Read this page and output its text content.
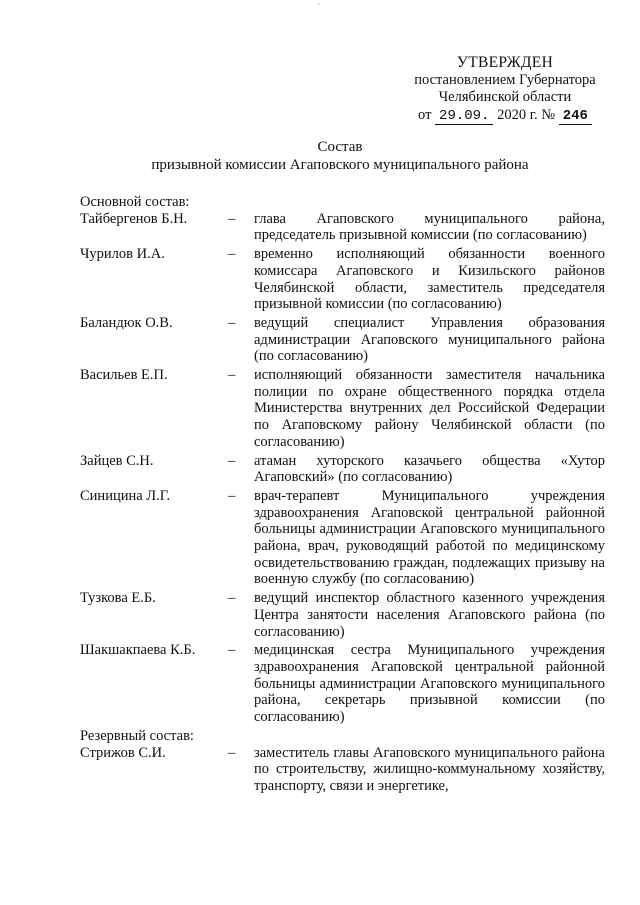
'
УТВЕРЖДЕН
постановлением Губернатора
Челябинской области
от 29.09. 2020 г. № 246
Состав
призывной комиссии Агаповского муниципального района
Основной состав:
Тайбергенов Б.Н.	–	глава Агаповского муниципального района, председатель призывной комиссии (по согласованию)
Чурилов И.А.	–	временно исполняющий обязанности военного комиссара Агаповского и Кизильского районов Челябинской области, заместитель председателя призывной комиссии (по согласованию)
Баландюк О.В.	–	ведущий специалист Управления образования администрации Агаповского муниципального района (по согласованию)
Васильев Е.П.	–	исполняющий обязанности заместителя начальника полиции по охране общественного порядка отдела Министерства внутренних дел Российской Федерации по Агаповскому району Челябинской области (по согласованию)
Зайцев С.Н.	–	атаман хуторского казачьего общества «Хутор Агаповский» (по согласованию)
Синицина Л.Г.	–	врач-терапевт Муниципального учреждения здравоохранения Агаповской центральной районной больницы администрации Агаповского муниципального района, врач, руководящий работой по медицинскому освидетельствованию граждан, подлежащих призыву на военную службу (по согласованию)
Тузкова Е.Б.	–	ведущий инспектор областного казенного учреждения Центра занятости населения Агаповского района (по согласованию)
Шакшакпаева К.Б.	–	медицинская сестра Муниципального учреждения здравоохранения Агаповской центральной районной больницы администрации Агаповского муниципального района, секретарь призывной комиссии (по согласованию)
Резервный состав:
Стрижов С.И.	–	заместитель главы Агаповского муниципального района по строительству, жилищно-коммунальному хозяйству, транспорту, связи и энергетике,
